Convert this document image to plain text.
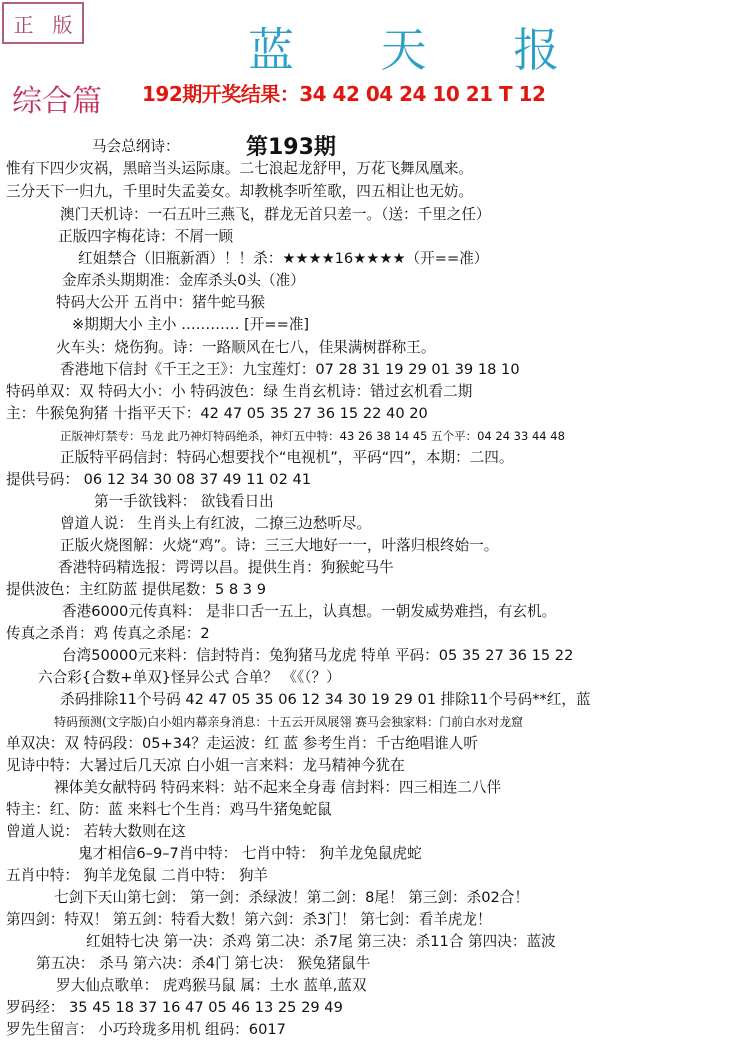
正 版	蓝 天 报
综合篇 192期开奖结果：34 42 04 24 10 21 T 12
第193期
马会总纲诗：
惟有下四少灾祸，黑暗当头运际康。二七浪起龙舒甲，万花飞舞凤凰来。
三分天下一归九，千里时失孟姜女。却教桃李听笙歌，四五相让也无妨。
澳门天机诗：一石五叶三燕飞，群龙无首只差一。（送：千里之任）
正版四字梅花诗：不屑一顾
红姐禁合（旧瓶新酒）！！杀：★★★★16★★★★（开==准）
金库杀头期期准：金库杀头0头（准）
特码大公开 五肖中：猪牛蛇马猴
※期期大小 主小 ………… [开==准]
火车头：烧伤狗。诗：一路顺风在七八，佳果满树群称王。
香港地下信封《千王之王》：九宝莲灯：07 28 31 19 29 01 39 18 10
特码单双：双 特码大小：小 特码波色：绿 生肖玄机诗：错过玄机看二期
主：牛猴兔狗猪 十指平天下：42 47 05 35 27 36 15 22 40 20
正版神灯禁专：马龙 此乃神灯特码绝杀，神灯五中特：43 26 38 14 45 五个平：04 24 33 44 48
正版特平码信封：特码心想要找个“电视机”，平码“四”，本期：二四。
提供号码： 06 12 34 30 08 37 49 11 02 41
第一手欲钱料： 欲钱看日出
曾道人说： 生肖头上有红波，二撩三边愁听尽。
正版火烧图解：火烧“鸡”。诗：三三大地好一一，叶落归根终始一。
香港特码精选报：谔谔以昌。提供生肖：狗猴蛇马牛
提供波色：主红防蓝 提供尾数：5 8 3 9
香港6000元传真料： 是非口舌一五上，认真想。一朝发威势难挡，有玄机。
传真之杀肖：鸡 传真之杀尾：2
台湾50000元来料：信封特肖：兔狗猪马龙虎 特单 平码：05 35 27 36 15 22
六合彩{合数+单双}怪异公式 合单？ 《《（？）
杀码排除11个号码 42 47 05 35 06 12 34 30 19 29 01 排除11个号码**红，蓝
特码预测(文字版)白小姐内幕亲身消息：十五云开凤展翎 赛马会独家料：门前白水对龙窟
单双决：双 特码段：05+34？走运波：红 蓝 参考生肖：千古绝唱谁人听
见诗中特：大暑过后几天凉 白小姐一言来料：龙马精神今犹在
裸体美女献特码 特码来料：站不起来全身毒 信封料：四三相连二八伴
特主：红、防：蓝 来料七个生肖：鸡马牛猪兔蛇鼠
曾道人说： 若转大数则在这
鬼才相信6–9–7肖中特： 七肖中特： 狗羊龙兔鼠虎蛇
五肖中特： 狗羊龙兔鼠 二肖中特： 狗羊
七剑下天山第七剑： 第一剑：杀绿波！第二剑：8尾！ 第三剑：杀02合！
第四剑：特双！ 第五剑：特看大数！第六剑：杀3门！ 第七剑：看羊虎龙！
红姐特七决 第一决：杀鸡 第二决：杀7尾 第三决：杀11合 第四决：蓝波
第五决： 杀马 第六决：杀4门 第七决： 猴兔猪鼠牛
罗大仙点歌单： 虎鸡猴马鼠 属：土水 蓝单,蓝双
罗码经： 35 45 18 37 16 47 05 46 13 25 29 49
罗先生留言： 小巧玲珑多用机 组码：6017
